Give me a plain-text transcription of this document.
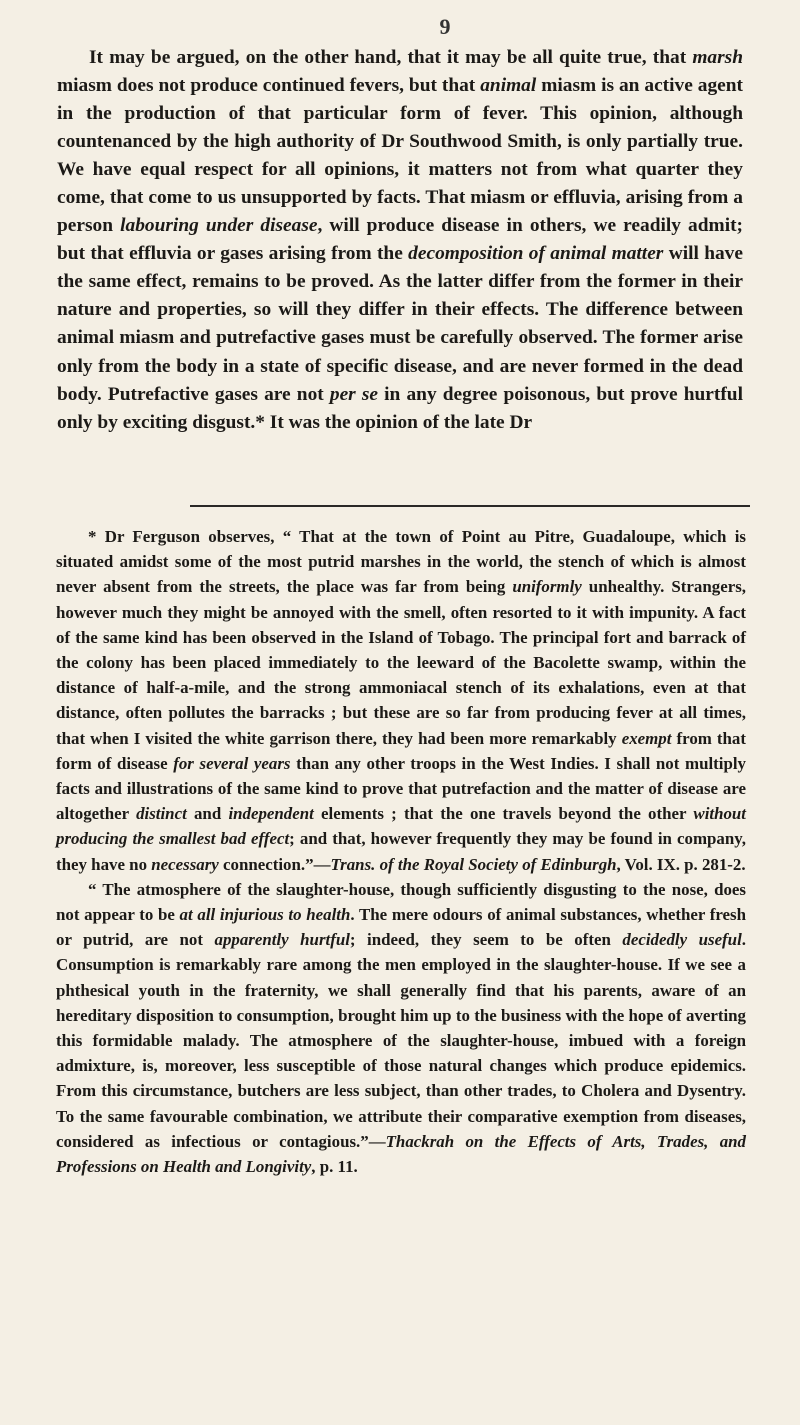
9

It may be argued, on the other hand, that it may be all quite true, that marsh miasm does not produce continued fevers, but that animal miasm is an active agent in the production of that particular form of fever. This opinion, although countenanced by the high authority of Dr Southwood Smith, is only partially true. We have equal respect for all opinions, it matters not from what quarter they come, that come to us unsupported by facts. That miasm or effluvia, arising from a person labouring under disease, will produce disease in others, we readily admit; but that effluvia or gases arising from the decomposition of animal matter will have the same effect, remains to be proved. As the latter differ from the former in their nature and properties, so will they differ in their effects. The difference between animal miasm and putrefactive gases must be carefully observed. The former arise only from the body in a state of specific disease, and are never formed in the dead body. Putrefactive gases are not per se in any degree poisonous, but prove hurtful only by exciting disgust.* It was the opinion of the late Dr

* Dr Ferguson observes, “ That at the town of Point au Pitre, Guadaloupe, which is situated amidst some of the most putrid marshes in the world, the stench of which is almost never absent from the streets, the place was far from being uniformly unhealthy. Strangers, however much they might be annoyed with the smell, often resorted to it with impunity. A fact of the same kind has been observed in the Island of Tobago. The principal fort and barrack of the colony has been placed immediately to the leeward of the Bacolette swamp, within the distance of half-a-mile, and the strong ammoniacal stench of its exhalations, even at that distance, often pollutes the barracks ; but these are so far from producing fever at all times, that when I visited the white garrison there, they had been more remarkably exempt from that form of disease for several years than any other troops in the West Indies. I shall not multiply facts and illustrations of the same kind to prove that putrefaction and the matter of disease are altogether distinct and independent elements ; that the one travels beyond the other without producing the smallest bad effect; and that, however frequently they may be found in company, they have no necessary connection.”—Trans. of the Royal Society of Edinburgh, Vol. IX. p. 281-2.

“ The atmosphere of the slaughter-house, though sufficiently disgusting to the nose, does not appear to be at all injurious to health. The mere odours of animal substances, whether fresh or putrid, are not apparently hurtful; indeed, they seem to be often decidedly useful. Consumption is remarkably rare among the men employed in the slaughter-house. If we see a phthesical youth in the fraternity, we shall generally find that his parents, aware of an hereditary disposition to consumption, brought him up to the business with the hope of averting this formidable malady. The atmosphere of the slaughter-house, imbued with a foreign admixture, is, moreover, less susceptible of those natural changes which produce epidemics. From this circumstance, butchers are less subject, than other trades, to Cholera and Dysentry. To the same favourable combination, we attribute their comparative exemption from diseases, considered as infectious or contagious.”—Thackrah on the Effects of Arts, Trades, and Professions on Health and Longivity, p. 11.
